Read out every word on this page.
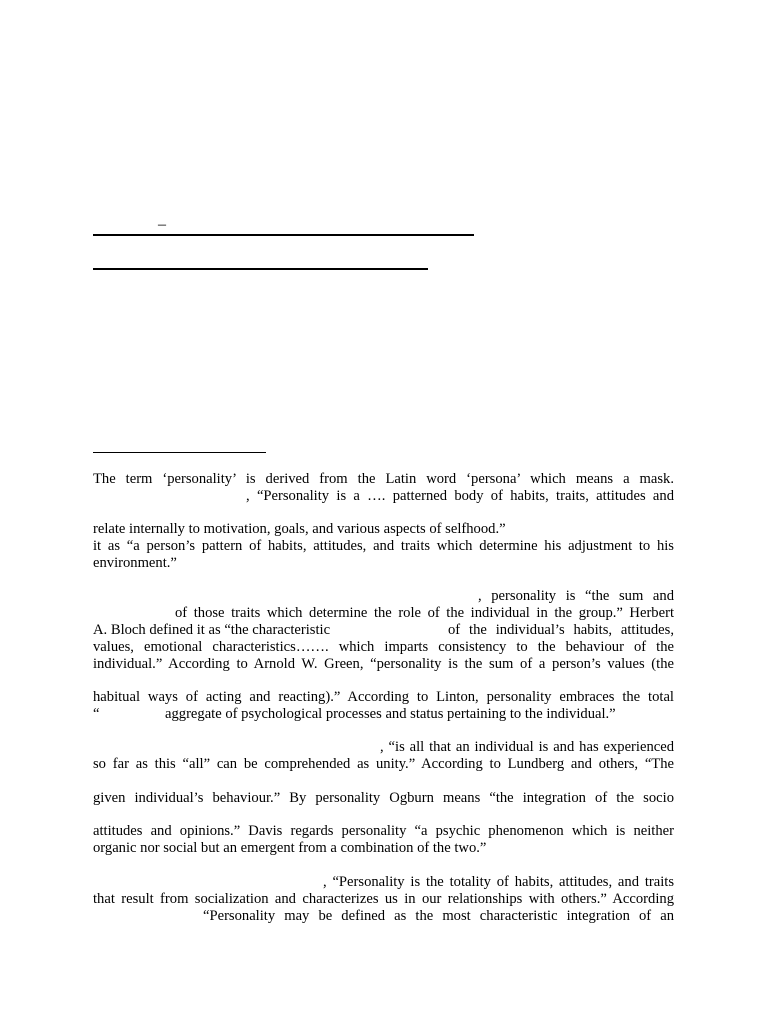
–
The term ‘personality’ is derived from the Latin word ‘persona’ which means a mask.
, “Personality is a …. patterned body of habits, traits, attitudes and
relate internally to motivation, goals, and various aspects of selfhood.”
it as “a person’s pattern of habits, attitudes, and traits which determine his adjustment to his
environment.”
, personality is “the sum and
of those traits which determine the role of the individual in the group.” Herbert
A. Bloch defined it as “the characteristic	of the individual’s habits, attitudes,
values, emotional characteristics……. which imparts consistency to the behaviour of the
individual.” According to Arnold W. Green, “personality is the sum of a person’s values (the
habitual ways of acting and reacting).” According to Linton, personality embraces the total
“	aggregate of psychological processes and status pertaining to the individual.”
, “is all that an individual is and has experienced
so far as this “all” can be comprehended as unity.” According to Lundberg and others, “The
given individual’s behaviour.” By personality Ogburn means “the integration of the socio
attitudes and opinions.” Davis regards personality “a psychic phenomenon which is neither
organic nor social but an emergent from a combination of the two.”
, “Personality is the totality of habits, attitudes, and traits
that result from socialization and characterizes us in our relationships with others.” According
“Personality may be defined as the most characteristic integration of an
